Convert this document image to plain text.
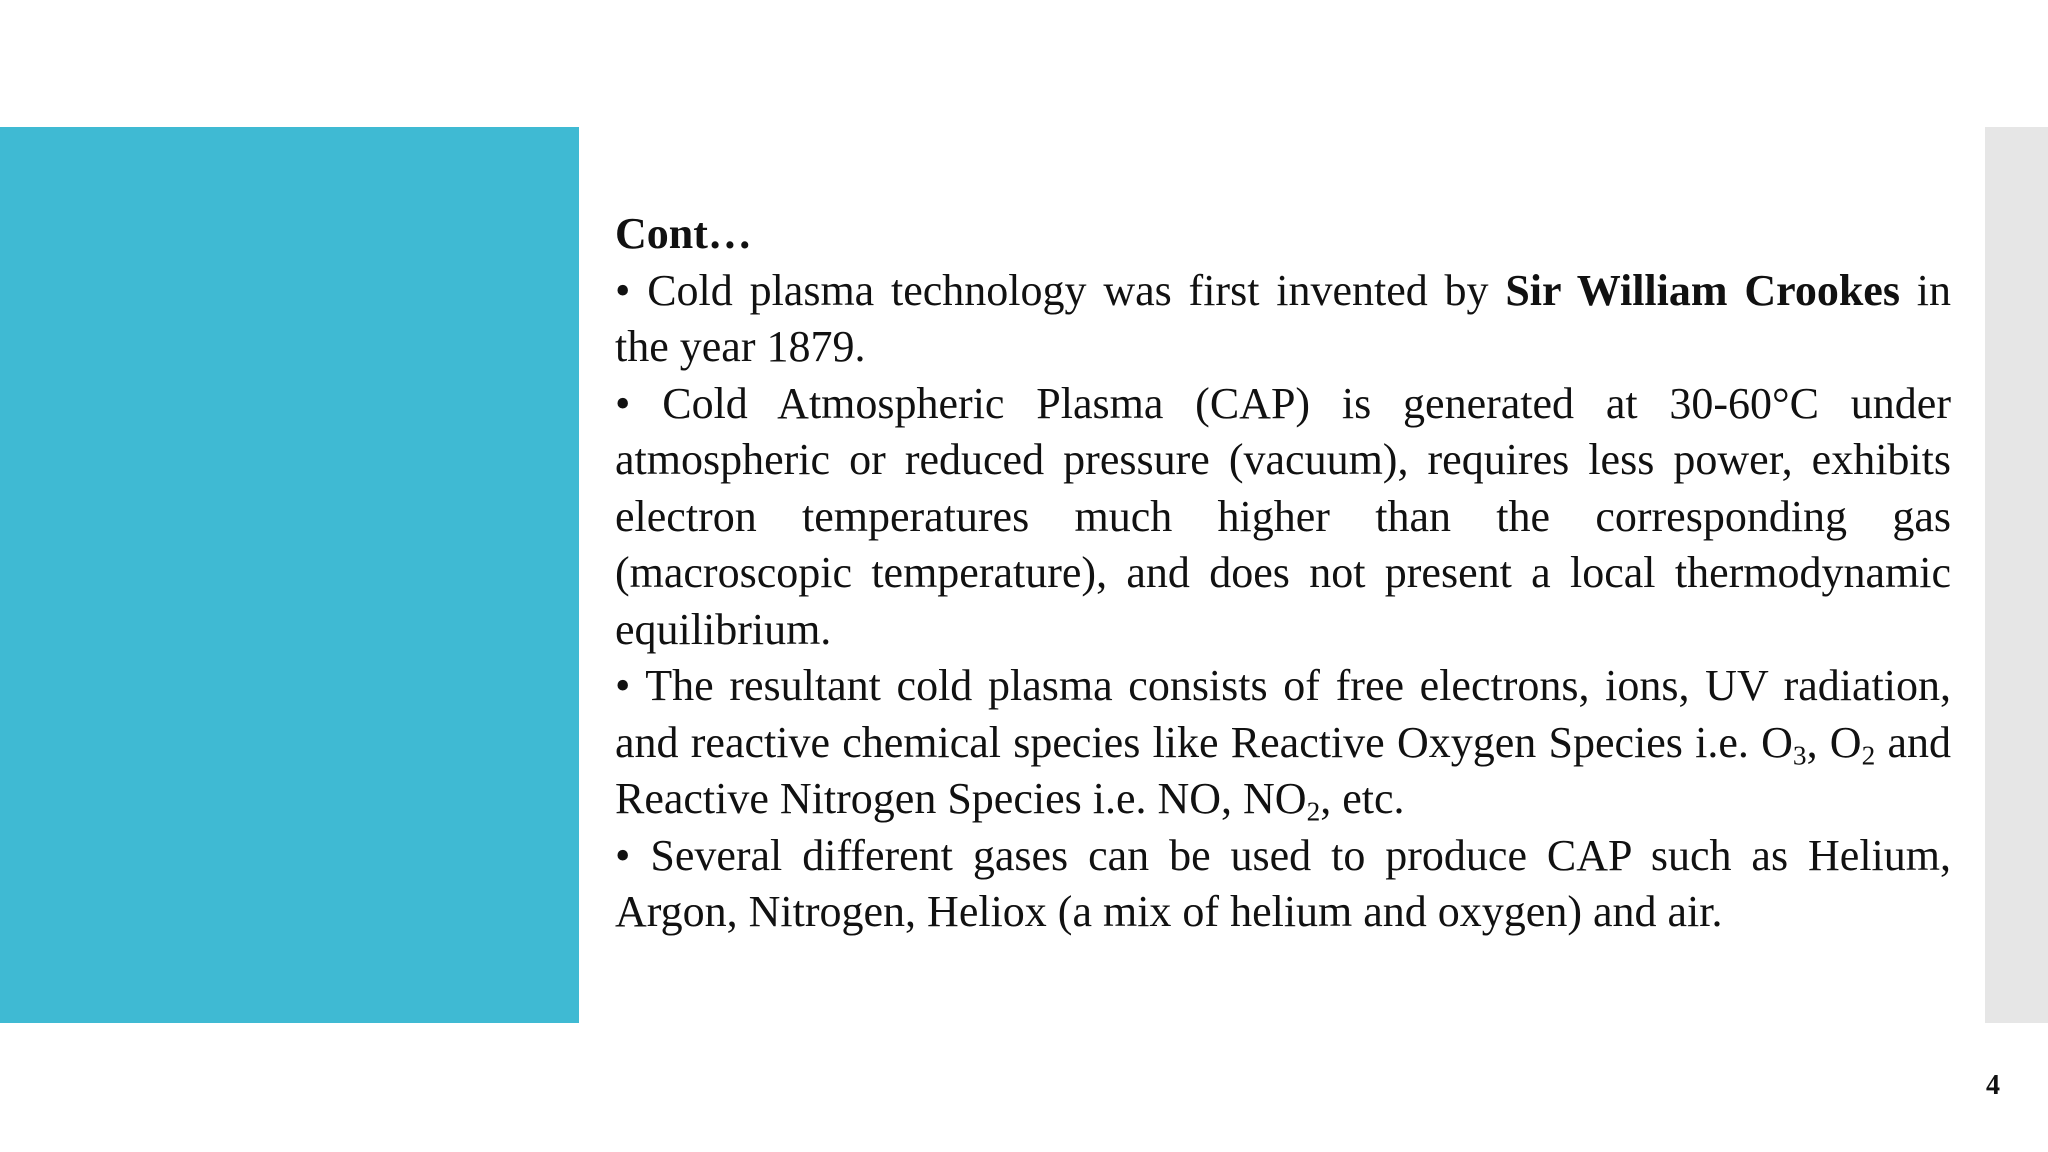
Cont…

• Cold plasma technology was first invented by Sir William Crookes in the year 1879.

• Cold Atmospheric Plasma (CAP) is generated at 30-60°C under atmospheric or reduced pressure (vacuum), requires less power, exhibits electron temperatures much higher than the corresponding gas (macroscopic temperature), and does not present a local thermodynamic equilibrium.

• The resultant cold plasma consists of free electrons, ions, UV radiation, and reactive chemical species like Reactive Oxygen Species i.e. $O_3$, $O_2$ and Reactive Nitrogen Species i.e. NO, $NO_2$, etc.

• Several different gases can be used to produce CAP such as Helium, Argon, Nitrogen, Heliox (a mix of helium and oxygen) and air.

4
